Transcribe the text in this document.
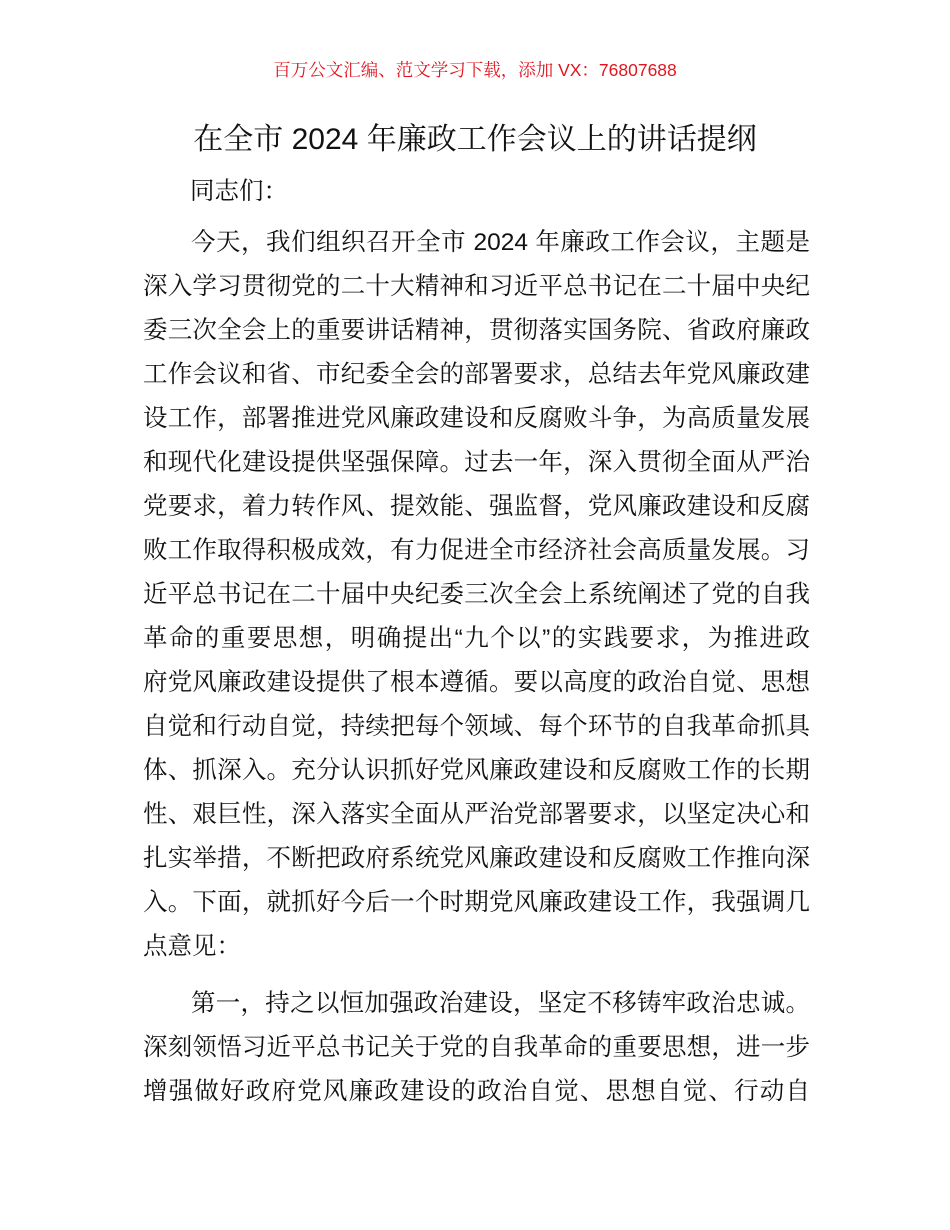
百万公文汇编、范文学习下载，添加 VX：76807688
在全市 2024 年廉政工作会议上的讲话提纲
同志们：
今天，我们组织召开全市 2024 年廉政工作会议，主题是
深入学习贯彻党的二十大精神和习近平总书记在二十届中央纪
委三次全会上的重要讲话精神，贯彻落实国务院、省政府廉政
工作会议和省、市纪委全会的部署要求，总结去年党风廉政建
设工作，部署推进党风廉政建设和反腐败斗争，为高质量发展
和现代化建设提供坚强保障。过去一年，深入贯彻全面从严治
党要求，着力转作风、提效能、强监督，党风廉政建设和反腐
败工作取得积极成效，有力促进全市经济社会高质量发展。习
近平总书记在二十届中央纪委三次全会上系统阐述了党的自我
革命的重要思想，明确提出“九个以”的实践要求，为推进政
府党风廉政建设提供了根本遵循。要以高度的政治自觉、思想
自觉和行动自觉，持续把每个领域、每个环节的自我革命抓具
体、抓深入。充分认识抓好党风廉政建设和反腐败工作的长期
性、艰巨性，深入落实全面从严治党部署要求，以坚定决心和
扎实举措，不断把政府系统党风廉政建设和反腐败工作推向深
入。下面，就抓好今后一个时期党风廉政建设工作，我强调几
点意见：
第一，持之以恒加强政治建设，坚定不移铸牢政治忠诚。
深刻领悟习近平总书记关于党的自我革命的重要思想，进一步
增强做好政府党风廉政建设的政治自觉、思想自觉、行动自
